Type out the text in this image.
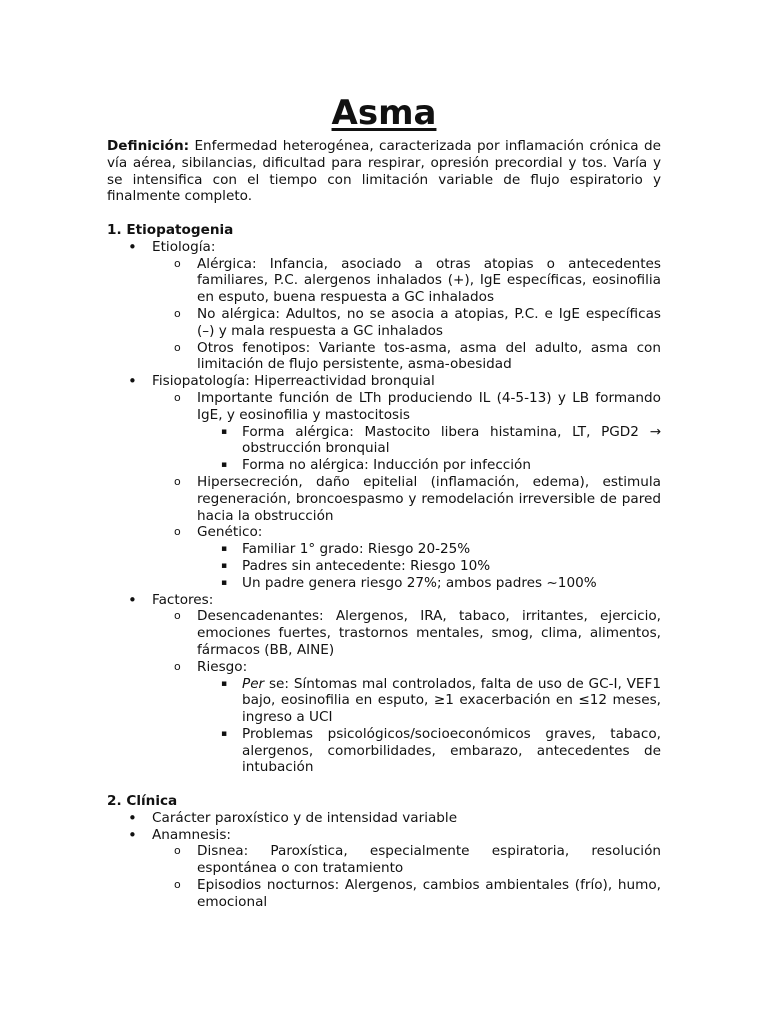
Asma

Definición: Enfermedad heterogénea, caracterizada por inflamación crónica de vía aérea, sibilancias, dificultad para respirar, opresión precordial y tos. Varía y se intensifica con el tiempo con limitación variable de flujo espiratorio y finalmente completo.

1. Etiopatogenia

• Etiología:
o Alérgica: Infancia, asociado a otras atopias o antecedentes familiares, P.C. alergenos inhalados (+), IgE específicas, eosinofilia en esputo, buena respuesta a GC inhalados
o No alérgica: Adultos, no se asocia a atopias, P.C. e IgE específicas (–) y mala respuesta a GC inhalados
o Otros fenotipos: Variante tos-asma, asma del adulto, asma con limitación de flujo persistente, asma-obesidad
• Fisiopatología: Hiperreactividad bronquial
o Importante función de LTh produciendo IL (4-5-13) y LB formando IgE, y eosinofilia y mastocitosis
▪ Forma alérgica: Mastocito libera histamina, LT, PGD2 → obstrucción bronquial
▪ Forma no alérgica: Inducción por infección
o Hipersecreción, daño epitelial (inflamación, edema), estimula regeneración, broncoespasmo y remodelación irreversible de pared hacia la obstrucción
o Genético:
▪ Familiar 1° grado: Riesgo 20-25%
▪ Padres sin antecedente: Riesgo 10%
▪ Un padre genera riesgo 27%; ambos padres ~100%
• Factores:
o Desencadenantes: Alergenos, IRA, tabaco, irritantes, ejercicio, emociones fuertes, trastornos mentales, smog, clima, alimentos, fármacos (BB, AINE)
o Riesgo:
▪ Per se: Síntomas mal controlados, falta de uso de GC-I, VEF1 bajo, eosinofilia en esputo, ≥1 exacerbación en ≤12 meses, ingreso a UCI
▪ Problemas psicológicos/socioeconómicos graves, tabaco, alergenos, comorbilidades, embarazo, antecedentes de intubación

2. Clínica

• Carácter paroxístico y de intensidad variable
• Anamnesis:
o Disnea: Paroxística, especialmente espiratoria, resolución espontánea o con tratamiento
o Episodios nocturnos: Alergenos, cambios ambientales (frío), humo, emocional
